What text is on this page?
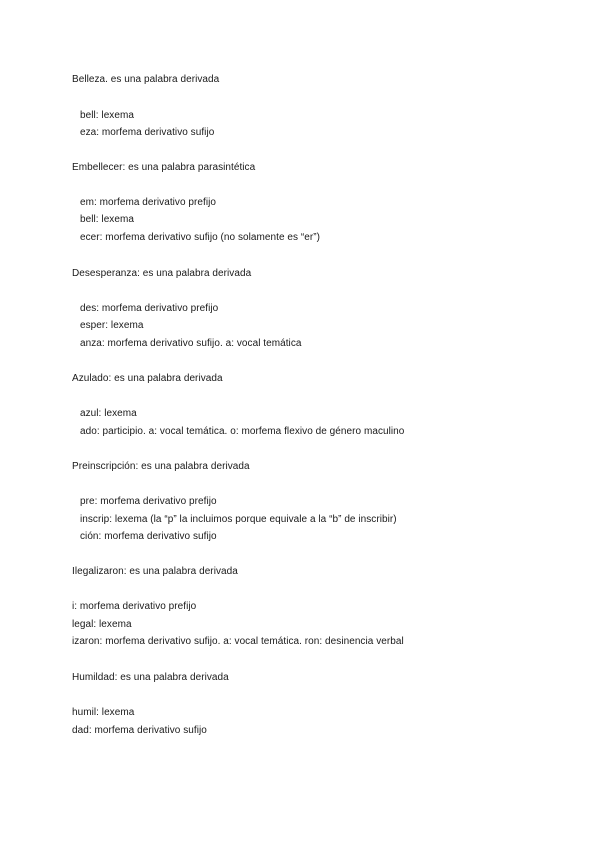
Belleza. es una palabra derivada
bell: lexema
eza: morfema derivativo sufijo
Embellecer: es una palabra parasintética
em: morfema derivativo prefijo
bell: lexema
ecer: morfema derivativo sufijo (no solamente es “er”)
Desesperanza: es una palabra derivada
des: morfema derivativo prefijo
esper: lexema
anza: morfema derivativo sufijo. a: vocal temática
Azulado: es una palabra derivada
azul: lexema
ado: participio. a: vocal temática. o: morfema flexivo de género maculino
Preinscripción: es una palabra derivada
pre: morfema derivativo prefijo
inscrip: lexema (la “p” la incluimos porque equivale a la “b” de inscribir)
ción: morfema derivativo sufijo
Ilegalizaron: es una palabra derivada
i: morfema derivativo prefijo
legal: lexema
izaron: morfema derivativo sufijo. a: vocal temática. ron: desinencia verbal
Humildad: es una palabra derivada
humil: lexema
dad: morfema derivativo sufijo
